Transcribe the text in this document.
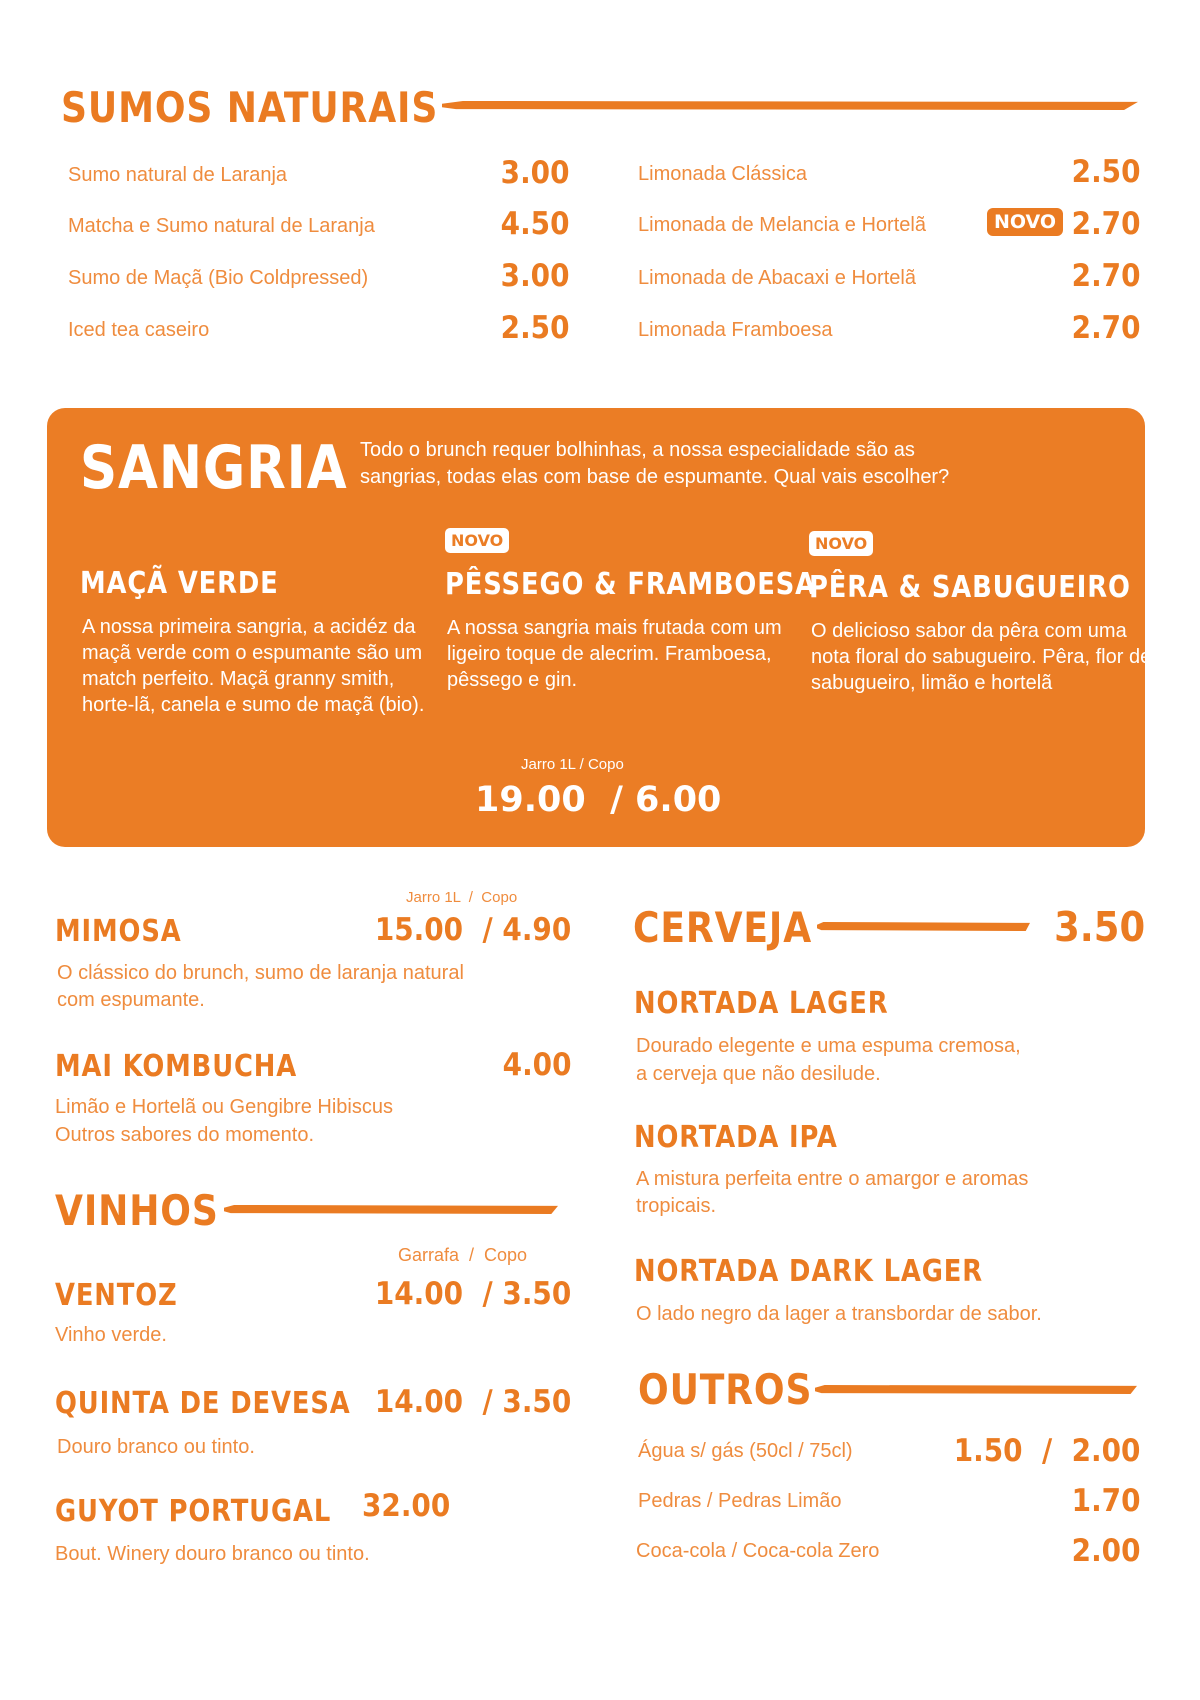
SUMOS NATURAIS
Sumo natural de Laranja	3.00
Matcha e Sumo natural de Laranja	4.50
Sumo de Maçã (Bio Coldpressed)	3.00
Iced tea caseiro	2.50
Limonada Clássica	2.50
Limonada de Melancia e Hortelã	NOVO 2.70
Limonada de Abacaxi e Hortelã	2.70
Limonada Framboesa	2.70
SANGRIA Todo o brunch requer bolhinhas, a nossa especialidade são as
sangrias, todas elas com base de espumante. Qual vais escolher?
MAÇÃ VERDE
A nossa primeira sangria, a acidéz da maçã verde com o espumante são um match perfeito. Maçã granny smith, horte-lã, canela e sumo de maçã (bio).
NOVO
PÊSSEGO & FRAMBOESA
A nossa sangria mais frutada com um ligeiro toque de alecrim. Framboesa, pêssego e gin.
NOVO
PÊRA & SABUGUEIRO
O delicioso sabor da pêra com uma nota floral do sabugueiro. Pêra, flor de sabugueiro, limão e hortelã
Jarro 1L / Copo
19.00  / 6.00
Jarro 1L  /  Copo
MIMOSA	15.00  / 4.90
O clássico do brunch, sumo de laranja natural
com espumante.
MAI KOMBUCHA	4.00
Limão e Hortelã ou Gengibre Hibiscus
Outros sabores do momento.
VINHOS
Garrafa  /  Copo
VENTOZ	14.00  / 3.50
Vinho verde.
QUINTA DE DEVESA 14.00  / 3.50
Douro branco ou tinto.
GUYOT PORTUGAL 32.00
Bout. Winery douro branco ou tinto.
CERVEJA	3.50
NORTADA LAGER
Dourado elegente e uma espuma cremosa,
a cerveja que não desilude.
NORTADA IPA
A mistura perfeita entre o amargor e aromas
tropicais.
NORTADA DARK LAGER
O lado negro da lager a transbordar de sabor.
OUTROS
Água s/ gás (50cl / 75cl)	1.50  /  2.00
Pedras / Pedras Limão	1.70
Coca-cola / Coca-cola Zero	2.00
